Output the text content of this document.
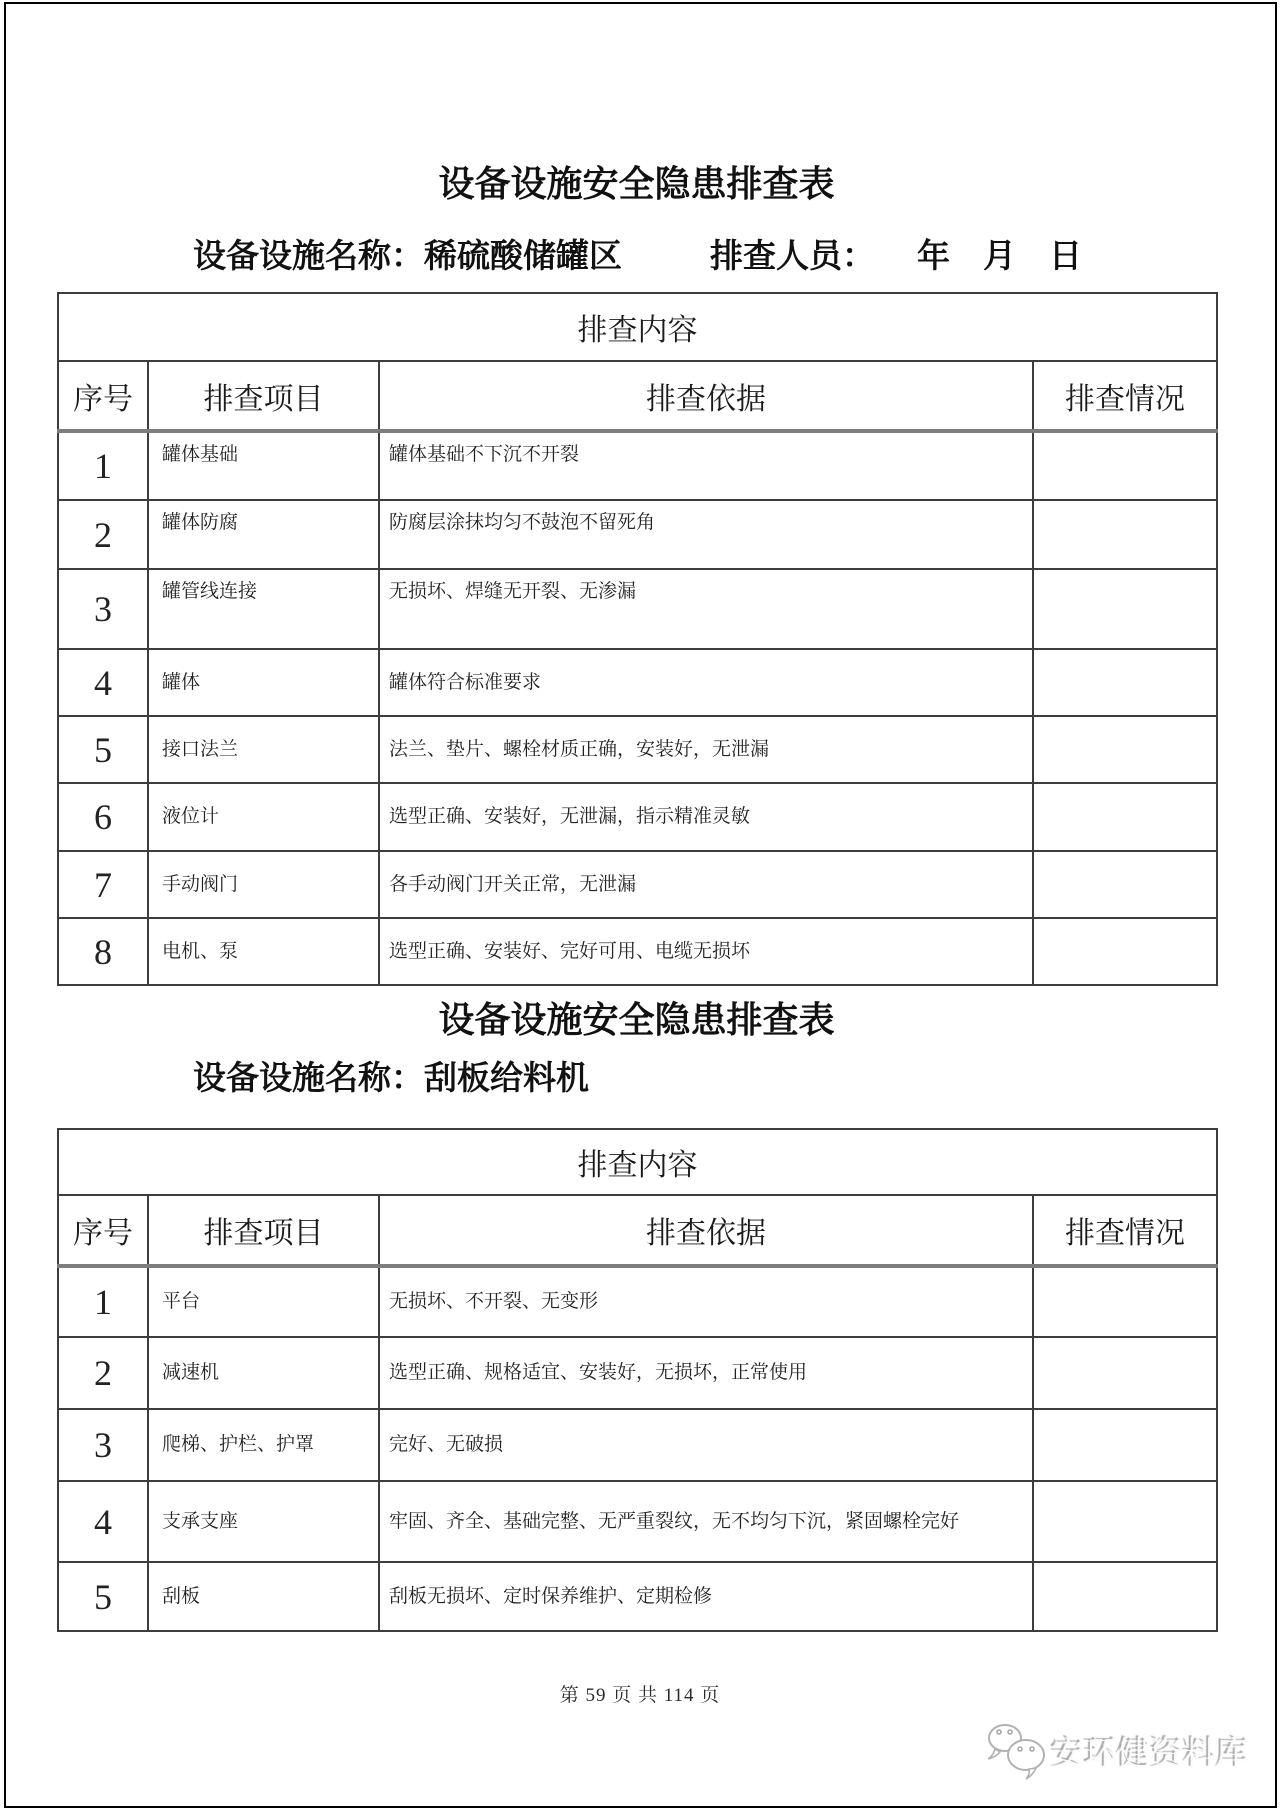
设备设施安全隐患排查表
设备设施名称：稀硫酸储罐区	排查人员： 年　月　日
排查内容			
序号	排查项目	排查依据	排查情况
1	罐体基础	罐体基础不下沉不开裂	
2	罐体防腐	防腐层涂抹均匀不鼓泡不留死角	
3	罐管线连接	无损坏、焊缝无开裂、无渗漏	
4	罐体	罐体符合标准要求	
5	接口法兰	法兰、垫片、螺栓材质正确，安装好，无泄漏	
6	液位计	选型正确、安装好，无泄漏，指示精准灵敏	
7	手动阀门	各手动阀门开关正常，无泄漏	
8	电机、泵	选型正确、安装好、完好可用、电缆无损坏	
设备设施安全隐患排查表
设备设施名称：刮板给料机
排查内容			
序号	排查项目	排查依据	排查情况
1	平台	无损坏、不开裂、无变形	
2	减速机	选型正确、规格适宜、安装好，无损坏，正常使用	
3	爬梯、护栏、护罩	完好、无破损	
4	支承支座	牢固、齐全、基础完整、无严重裂纹，无不均匀下沉，紧固螺栓完好	
5	刮板	刮板无损坏、定时保养维护、定期检修	
第 59 页 共 114 页
安环健资料库
